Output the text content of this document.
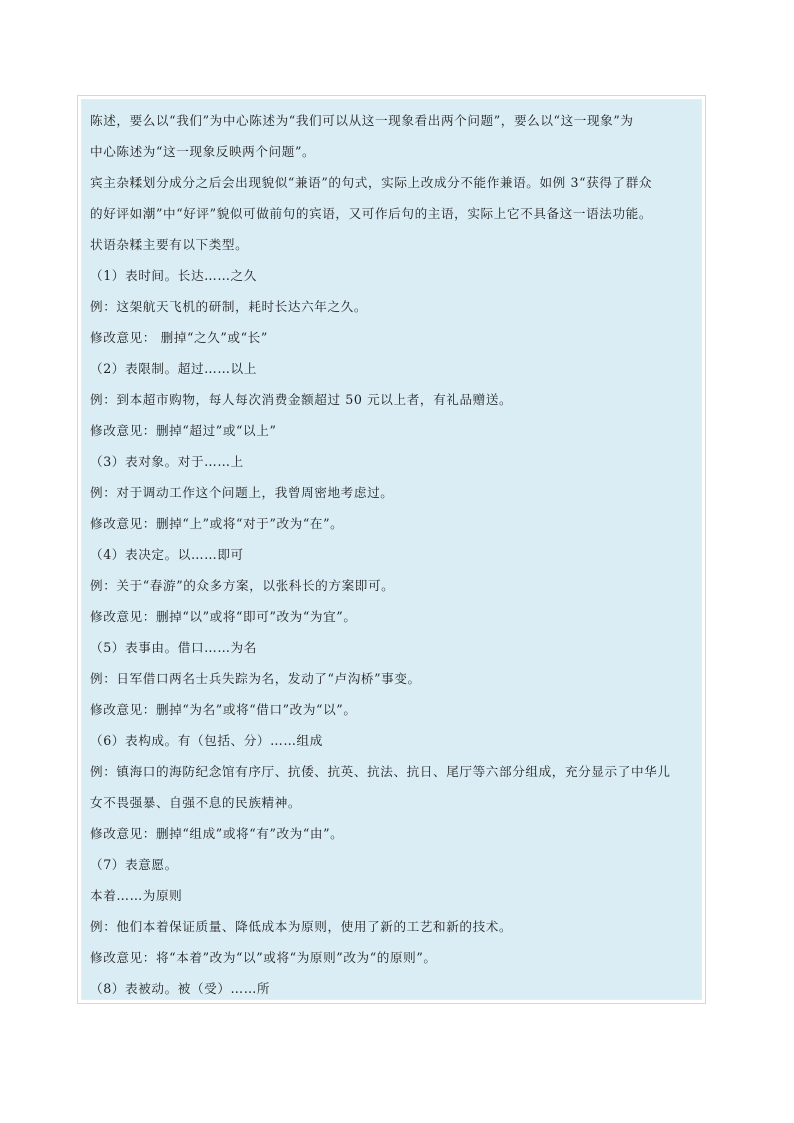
陈述，要么以“我们”为中心陈述为“我们可以从这一现象看出两个问题”，要么以“这一现象”为
中心陈述为“这一现象反映两个问题”。
宾主杂糅划分成分之后会出现貌似“兼语”的句式，实际上改成分不能作兼语。如例 3“获得了群众
的好评如潮”中“好评”貌似可做前句的宾语，又可作后句的主语，实际上它不具备这一语法功能。
状语杂糅主要有以下类型。
（1）表时间。长达……之久
例：这架航天飞机的研制，耗时长达六年之久。
修改意见： 删掉“之久”或“长”
（2）表限制。超过……以上
例：到本超市购物，每人每次消费金额超过 50 元以上者，有礼品赠送。
修改意见：删掉“超过”或“以上”
（3）表对象。对于……上
例：对于调动工作这个问题上，我曾周密地考虑过。
修改意见：删掉“上”或将“对于”改为“在”。
（4）表决定。以……即可
例：关于“春游”的众多方案，以张科长的方案即可。
修改意见：删掉“以”或将“即可”改为“为宜”。
（5）表事由。借口……为名
例：日军借口两名士兵失踪为名，发动了“卢沟桥”事变。
修改意见：删掉“为名”或将“借口”改为“以”。
（6）表构成。有（包括、分）……组成
例：镇海口的海防纪念馆有序厅、抗倭、抗英、抗法、抗日、尾厅等六部分组成，充分显示了中华儿
女不畏强暴、自强不息的民族精神。
修改意见：删掉“组成”或将“有”改为“由”。
（7）表意愿。
本着……为原则
例：他们本着保证质量、降低成本为原则，使用了新的工艺和新的技术。
修改意见：将“本着”改为“以”或将“为原则”改为“的原则”。
（8）表被动。被（受）……所
